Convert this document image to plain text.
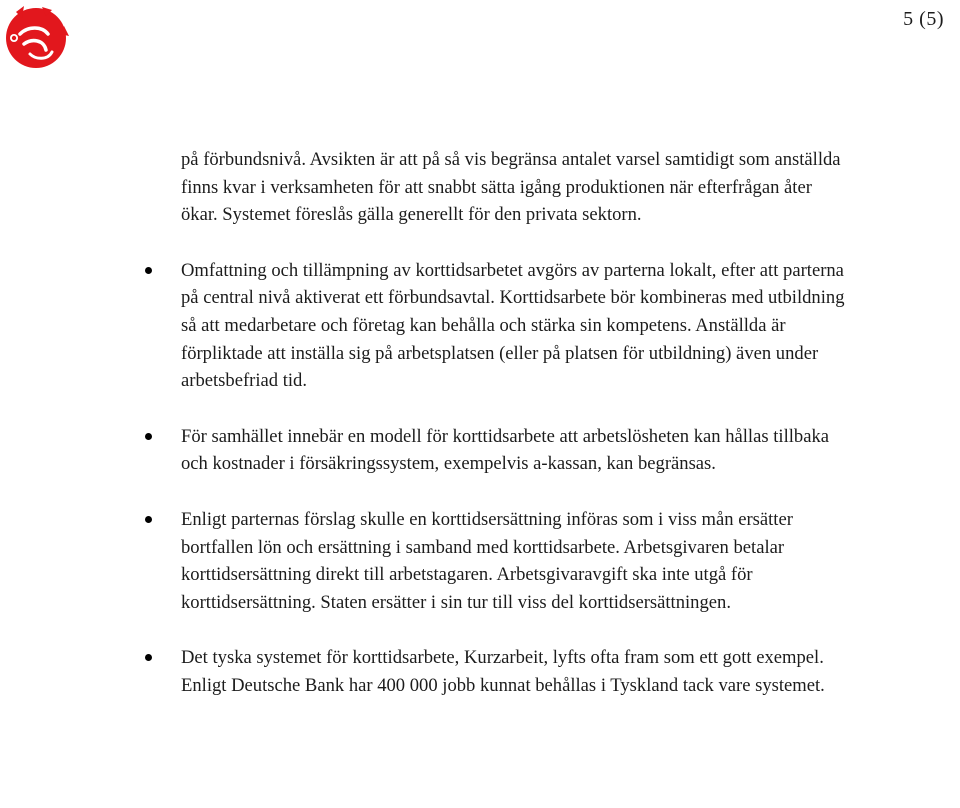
5 (5)

på förbundsnivå. Avsikten är att på så vis begränsa antalet varsel samtidigt som anställda finns kvar i verksamheten för att snabbt sätta igång produktionen när efterfrågan åter ökar. Systemet föreslås gälla generellt för den privata sektorn.

Omfattning och tillämpning av korttidsarbetet avgörs av parterna lokalt, efter att parterna på central nivå aktiverat ett förbundsavtal. Korttidsarbete bör kombineras med utbildning så att medarbetare och företag kan behålla och stärka sin kompetens. Anställda är förpliktade att inställa sig på arbetsplatsen (eller på platsen för utbildning) även under arbetsbefriad tid.

För samhället innebär en modell för korttidsarbete att arbetslösheten kan hållas tillbaka och kostnader i försäkringssystem, exempelvis a-kassan, kan begränsas.

Enligt parternas förslag skulle en korttidsersättning införas som i viss mån ersätter bortfallen lön och ersättning i samband med korttidsarbete. Arbetsgivaren betalar korttidsersättning direkt till arbetstagaren. Arbetsgivaravgift ska inte utgå för korttidsersättning. Staten ersätter i sin tur till viss del korttidsersättningen.

Det tyska systemet för korttidsarbete, Kurzarbeit, lyfts ofta fram som ett gott exempel. Enligt Deutsche Bank har 400 000 jobb kunnat behållas i Tyskland tack vare systemet.
